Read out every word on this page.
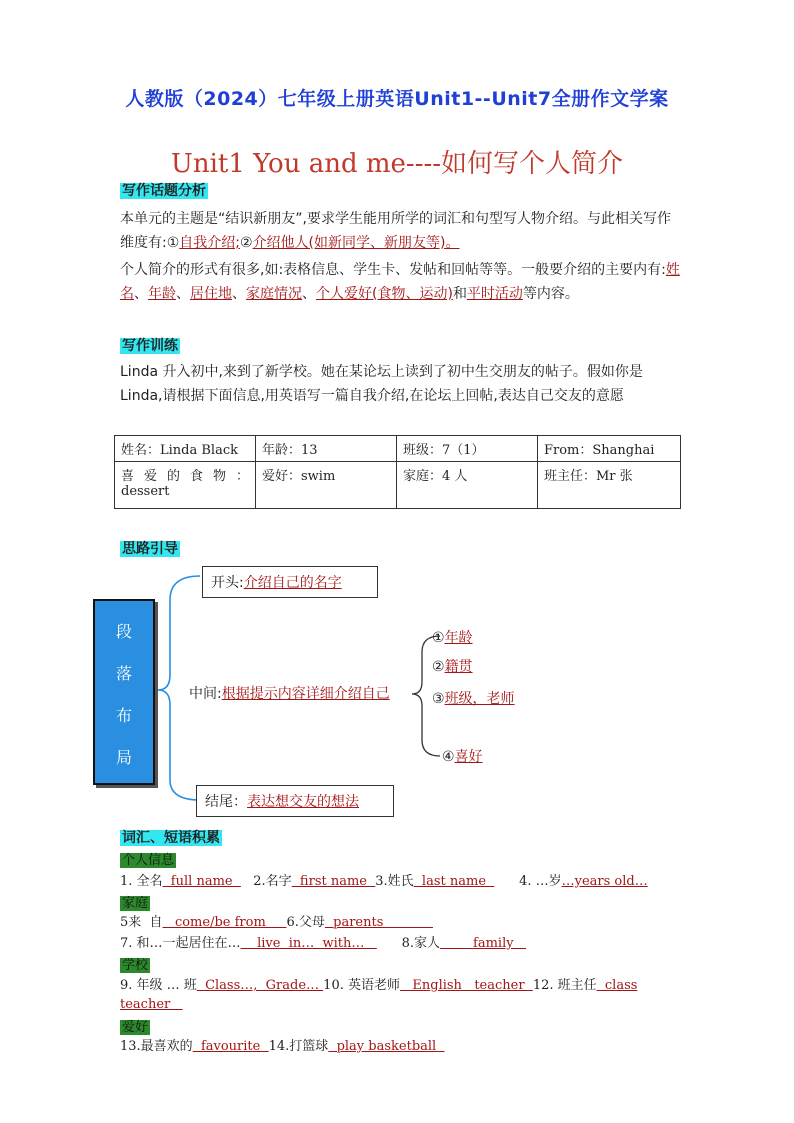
人教版（2024）七年级上册英语Unit1--Unit7全册作文学案
Unit1 You and me----如何写个人简介
写作话题分析
本单元的主题是“结识新朋友”,要求学生能用所学的词汇和句型写人物介绍。与此相关写作维度有:①自我介绍;②介绍他人(如新同学、新朋友等)。
个人简介的形式有很多,如:表格信息、学生卡、发帖和回帖等等。一般要介绍的主要内有:姓名、年龄、居住地、家庭情况、个人爱好(食物、运动)和平时活动等内容。
写作训练
Linda 升入初中,来到了新学校。她在某论坛上读到了初中生交朋友的帖子。假如你是 Linda,请根据下面信息,用英语写一篇自我介绍,在论坛上回帖,表达自己交友的意愿
姓名：Linda Black	年龄：13	班级：7（1）	From：Shanghai
喜 爱 的 食 物 ： dessert	爱好：swim	家庭：4 人	班主任：Mr 张
思路引导
段
落
布
局
开头:介绍自己的名字
中间:根据提示内容详细介绍自己
结尾：表达想交友的想法
①年龄
②籍贯
③班级，老师
④喜好
词汇、短语积累
个人信息
1. 全名  full name     2.名字  first name  3.姓氏  last name        4. …岁…years old…
家庭
5来  自   come/be from     6.父母  parents
7. 和…一起居住在…    live  in…  with…         8.家人        family
学校
9. 年级 … 班  Class…,  Grade… 10. 英语老师   English   teacher  12. 班主任  class
teacher
爱好
13.最喜欢的  favourite  14.打篮球  play basketball
